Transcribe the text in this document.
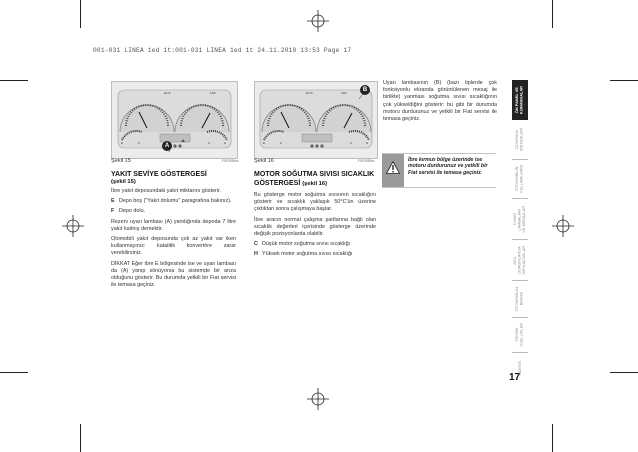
001-031 LINEA 1ed 1t:001-031 LINEA 1ed 1t 24.11.2010 13:53 Page 17
km/h	LAP
E	F	C	H
A
Şekil 15	F0F0054m
km/h	LAP
E	F	C	H
B
Şekil 16	F0F0055m
YAKIT SEVİYE GÖSTERGESİ
(şekil 15)
İbre yakıt deposundaki yakıt miktarını gösterir.
E Depo boş ("Yakıt dolumu" paragrafına bakınız).
F Depo dolu.
Rezerv uyarı lambası (A) yandığında depoda 7 litre yakıt kalmış demektir.
Otomobili yakıt deposunda çok az yakıt var iken kullanmayınız: katalitik konvertöre zarar verebilirsiniz.
DİKKAT Eğer ibre E bölgesinde ise ve uyarı lambası da (A) yanıp sönüyorsa bu sistemde bir arıza olduğunu gösterir. Bu durumda yetkili bir Fiat servisi ile temasa geçiniz.
MOTOR SOĞUTMA SIVISI SICAKLIK GÖSTERGESİ (şekil 16)
Bu gösterge motor soğutma sıvısının sıcaklığını gösterir ve sıcaklık yaklaşık 50°C'ün üzerine çıktıktan sonra çalışmaya başlar.
İbre aracın normal çalışma şartlarına bağlı olan sıcaklık değerleri içerisinde gösterge üzerinde değişik pozisyonlarda olabilir.
C Düşük motor soğutma sıvısı sıcaklığı
H Yüksek motor soğutma sıvısı sıcaklığı
Uyarı lambasının (B) (bazı tiplerde çok fonksiyonlu ekranda görüntülenen mesaj ile birlikte) yanması soğutma sıvısı sıcaklığının çok yükseldiğini gösterir: bu gibi bir durumda motoru durdurunuz ve yetkili bir Fiat servisi ile temasa geçiniz.
İbre kırmızı bölge üzerinde ise motoru durdurunuz ve yetkili bir Fiat servisi ile temasa geçiniz.
ÖN PANEL VE
KUMANDALAR
GÜVENLİK
SİSTEMLERİ
OTOMOBİLİN
KULLANILMASI
UYARI
LAMBALARI
VE MESAJLAR
ACİL
DURUMLARDA
YAPILACAKLAR
OTOMOBİLİN
BAKIMI
TEKNİK
ÖZELLİKLER
İNDEKS
17
